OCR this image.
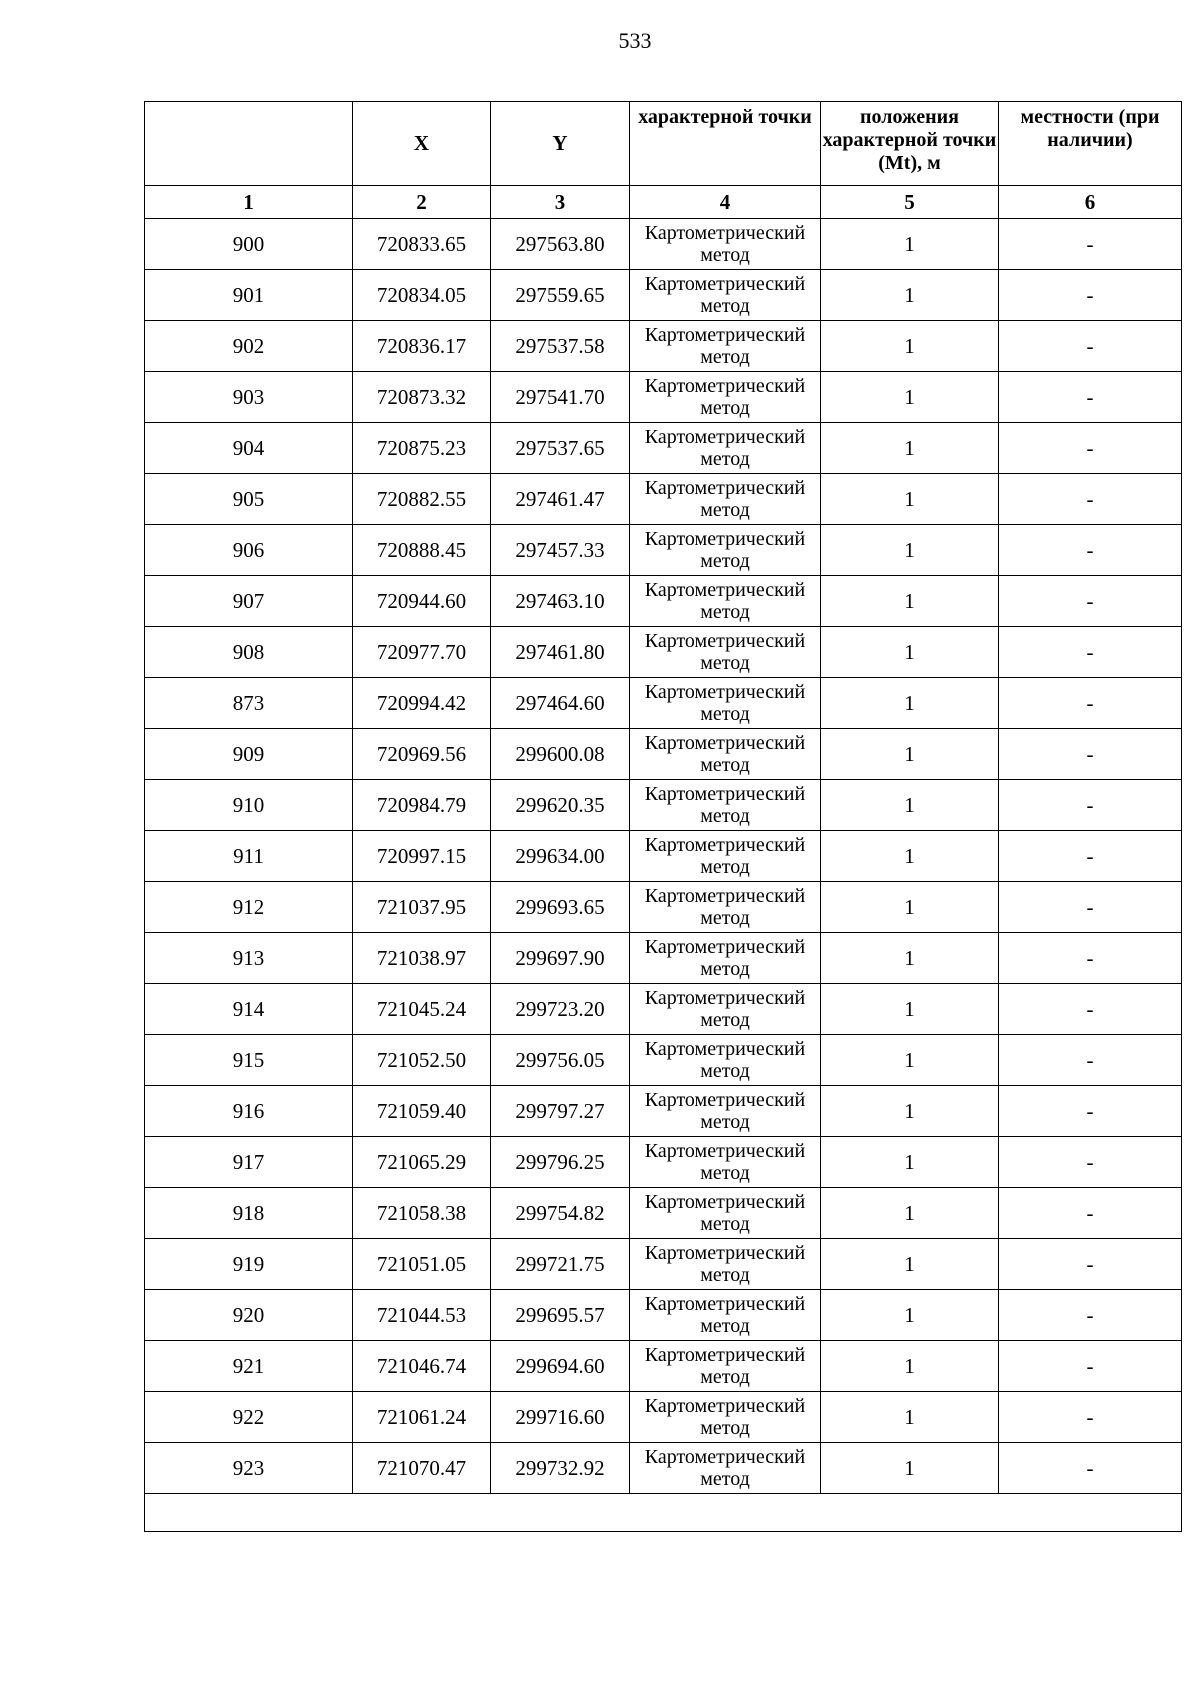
533
	X	Y	характерной точки	положения характерной точки (Mt), м	местности (при наличии)
1	2	3	4	5	6
900	720833.65	297563.80	Картометрический метод	1	-
901	720834.05	297559.65	Картометрический метод	1	-
902	720836.17	297537.58	Картометрический метод	1	-
903	720873.32	297541.70	Картометрический метод	1	-
904	720875.23	297537.65	Картометрический метод	1	-
905	720882.55	297461.47	Картометрический метод	1	-
906	720888.45	297457.33	Картометрический метод	1	-
907	720944.60	297463.10	Картометрический метод	1	-
908	720977.70	297461.80	Картометрический метод	1	-
873	720994.42	297464.60	Картометрический метод	1	-
909	720969.56	299600.08	Картометрический метод	1	-
910	720984.79	299620.35	Картометрический метод	1	-
911	720997.15	299634.00	Картометрический метод	1	-
912	721037.95	299693.65	Картометрический метод	1	-
913	721038.97	299697.90	Картометрический метод	1	-
914	721045.24	299723.20	Картометрический метод	1	-
915	721052.50	299756.05	Картометрический метод	1	-
916	721059.40	299797.27	Картометрический метод	1	-
917	721065.29	299796.25	Картометрический метод	1	-
918	721058.38	299754.82	Картометрический метод	1	-
919	721051.05	299721.75	Картометрический метод	1	-
920	721044.53	299695.57	Картометрический метод	1	-
921	721046.74	299694.60	Картометрический метод	1	-
922	721061.24	299716.60	Картометрический метод	1	-
923	721070.47	299732.92	Картометрический метод	1	-
